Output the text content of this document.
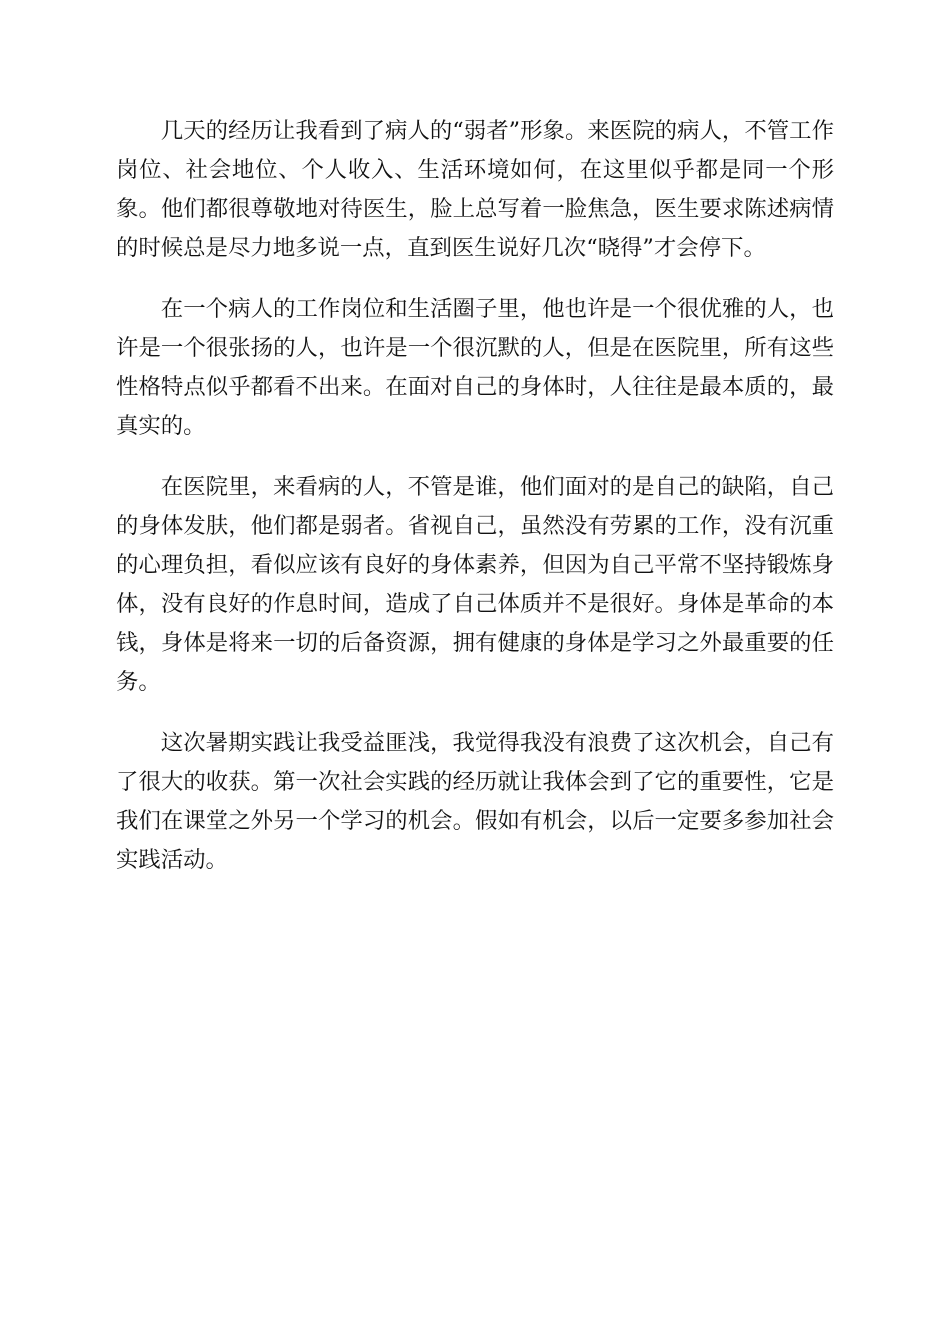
几天的经历让我看到了病人的“弱者”形象。来医院的病人，不管工作岗位、社会地位、个人收入、生活环境如何，在这里似乎都是同一个形象。他们都很尊敬地对待医生，脸上总写着一脸焦急，医生要求陈述病情的时候总是尽力地多说一点，直到医生说好几次“晓得”才会停下。

在一个病人的工作岗位和生活圈子里，他也许是一个很优雅的人，也许是一个很张扬的人，也许是一个很沉默的人，但是在医院里，所有这些性格特点似乎都看不出来。在面对自己的身体时，人往往是最本质的，最真实的。

在医院里，来看病的人，不管是谁，他们面对的是自己的缺陷，自己的身体发肤，他们都是弱者。省视自己，虽然没有劳累的工作，没有沉重的心理负担，看似应该有良好的身体素养，但因为自己平常不坚持锻炼身体，没有良好的作息时间，造成了自己体质并不是很好。身体是革命的本钱，身体是将来一切的后备资源，拥有健康的身体是学习之外最重要的任务。

这次暑期实践让我受益匪浅，我觉得我没有浪费了这次机会，自己有了很大的收获。第一次社会实践的经历就让我体会到了它的重要性，它是我们在课堂之外另一个学习的机会。假如有机会，以后一定要多参加社会实践活动。
